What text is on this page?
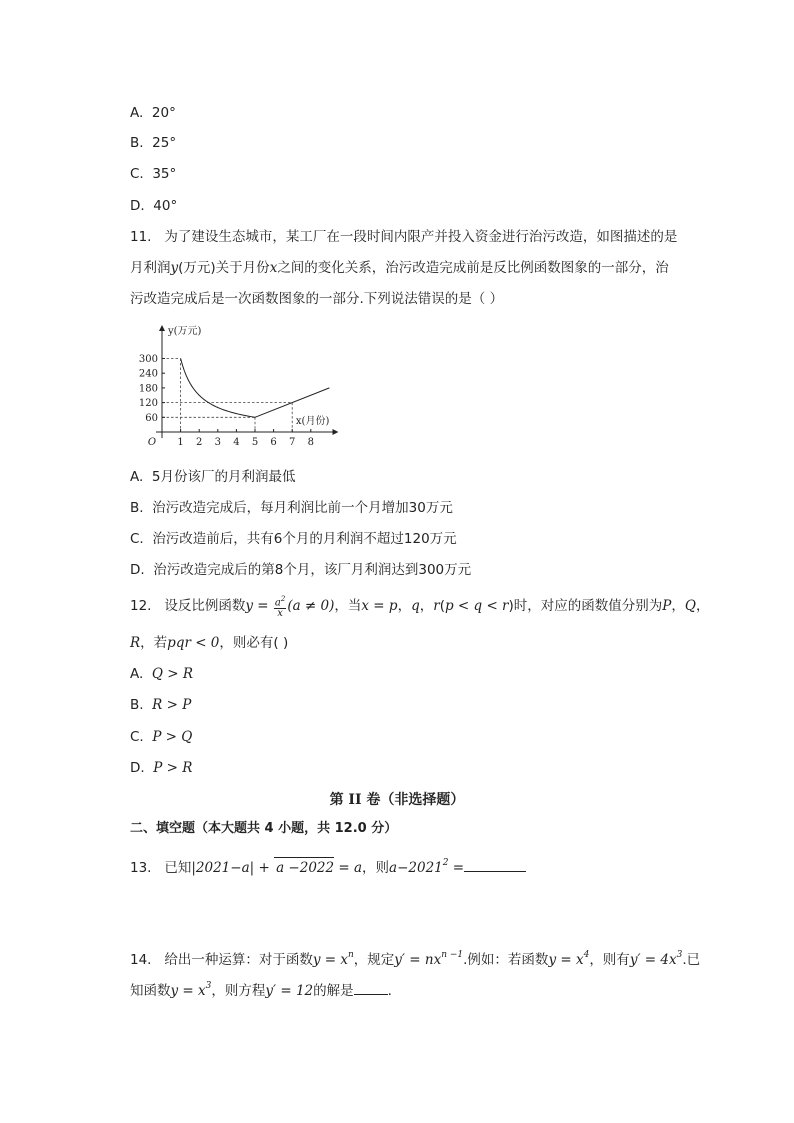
A. 20°
B. 25°
C. 35°
D. 40°
11. 为了建设生态城市，某工厂在一段时间内限产并投入资金进行治污改造，如图描述的是
月利润y(万元)关于月份x之间的变化关系，治污改造完成前是反比例函数图象的一部分，治
污改造完成后是一次函数图象的一部分.下列说法错误的是（ ）
300
240
180
120
60
1 2 3 4 5 6 7 8
O
y(万元)
x(月份)
A. 5月份该厂的月利润最低
B. 治污改造完成后，每月利润比前一个月增加30万元
C. 治污改造前后，共有6个月的月利润不超过120万元
D. 治污改造完成后的第8个月，该厂月利润达到300万元
12. 设反比例函数$y = \frac{a^2}{x} (a \ne 0)$，当x = p，q，r(p < q < r)时，对应的函数值分别为P，Q，
R，若pqr < 0，则必有( )
A. Q > R
B. R > P
C. P > Q
D. P > R
第 II 卷（非选择题）
二、填空题（本大题共 4 小题，共 12.0 分）
13. 已知|2021−a| + a −2022 = a，则$a-2021^2$ =
14. 给出一种运算：对于函数$y = x^n$，规定$y' = nx^{n -1}$.例如：若函数$y = x^4$，则有$y' = 4x^3$.已
知函数$y = x^3$，则方程y′ = 12的解是	.
